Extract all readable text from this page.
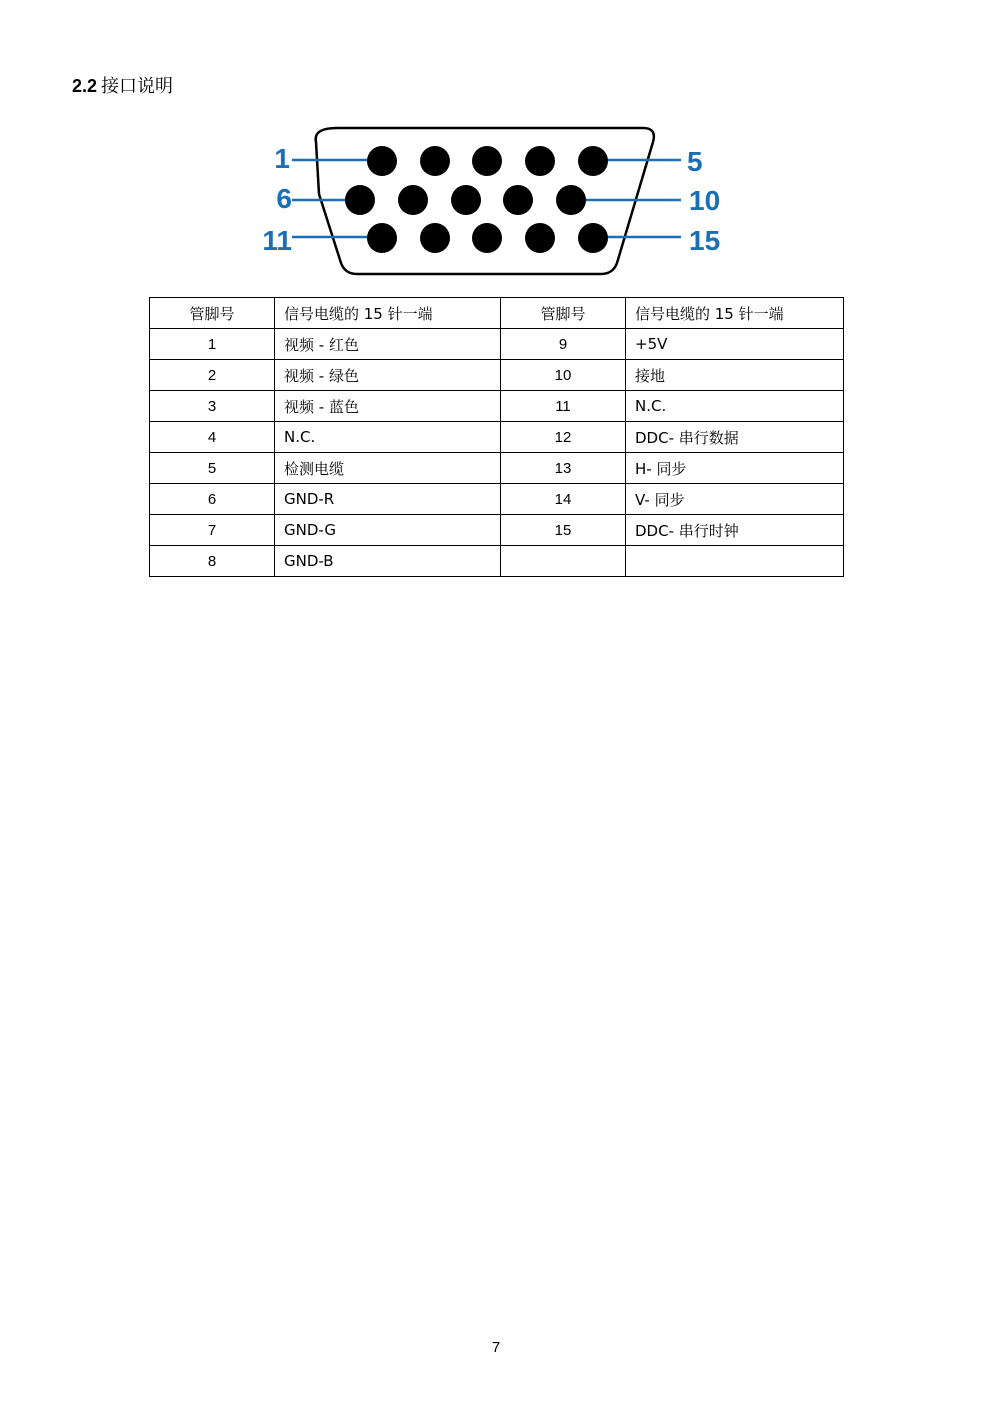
2.2 接口说明
1
6
11
5
10
15
管脚号	信号电缆的 15 针一端	管脚号	信号电缆的 15 针一端
1	视频 - 红色	9	+5V
2	视频 - 绿色	10	接地
3	视频 - 蓝色	11	N.C.
4	N.C.	12	DDC- 串行数据
5	检测电缆	13	H- 同步
6	GND-R	14	V- 同步
7	GND-G	15	DDC- 串行时钟
8	GND-B		
7
